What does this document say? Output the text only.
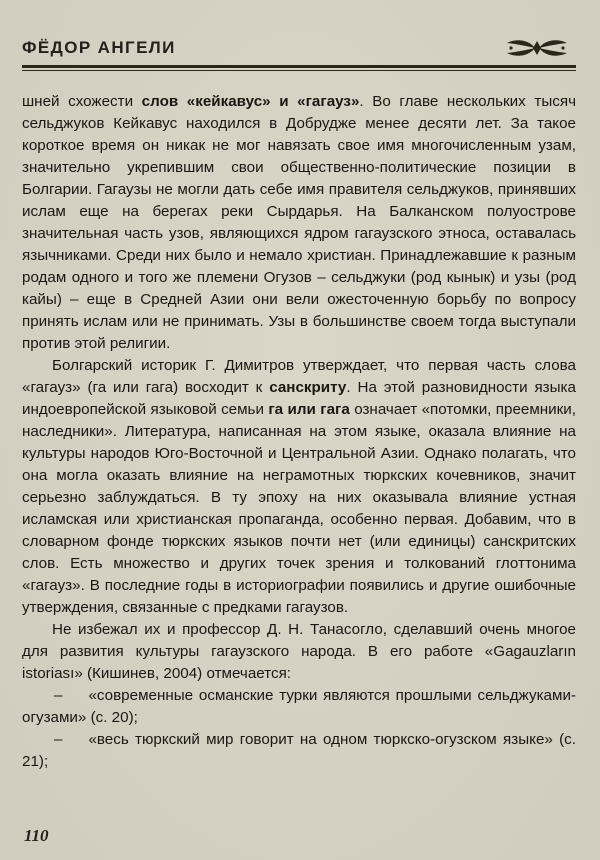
ФЁДОР АНГЕЛИ

шней схожести слов «кейкавус» и «гагауз». Во главе нескольких тысяч сельджуков Кейкавус находился в Добрудже менее десяти лет. За такое короткое время он никак не мог навязать свое имя многочисленным узам, значительно укрепившим свои общественно-политические позиции в Болгарии. Гагаузы не могли дать себе имя правителя сельджуков, принявших ислам еще на берегах реки Сырдарья. На Балканском полуострове значительная часть узов, являющихся ядром гагаузского этноса, оставалась язычниками. Среди них было и немало христиан. Принадлежавшие к разным родам одного и того же племени Огузов – сельджуки (род кынык) и узы (род кайы) – еще в Средней Азии они вели ожесточенную борьбу по вопросу принять ислам или не принимать. Узы в большинстве своем тогда выступали против этой религии.

Болгарский историк Г. Димитров утверждает, что первая часть слова «гагауз» (га или гага) восходит к санскриту. На этой разновидности языка индоевропейской языковой семьи га или гага означает «потомки, преемники, наследники». Литература, написанная на этом языке, оказала влияние на культуры народов Юго-Восточной и Центральной Азии. Однако полагать, что она могла оказать влияние на неграмотных тюркских кочевников, значит серьезно заблуждаться. В ту эпоху на них оказывала влияние устная исламская или христианская пропаганда, особенно первая. Добавим, что в словарном фонде тюркских языков почти нет (или единицы) санскритских слов. Есть множество и других точек зрения и толкований глоттонима «гагауз». В последние годы в историографии появились и другие ошибочные утверждения, связанные с предками гагаузов.

Не избежал их и профессор Д. Н. Танасогло, сделавший очень многое для развития культуры гагаузского народа. В его работе «Gagauzların istoriası» (Кишинев, 2004) отмечается:

– «современные османские турки являются прошлыми сельджуками-огузами» (с. 20);

– «весь тюркский мир говорит на одном тюркско-огузском языке» (с. 21);

110
